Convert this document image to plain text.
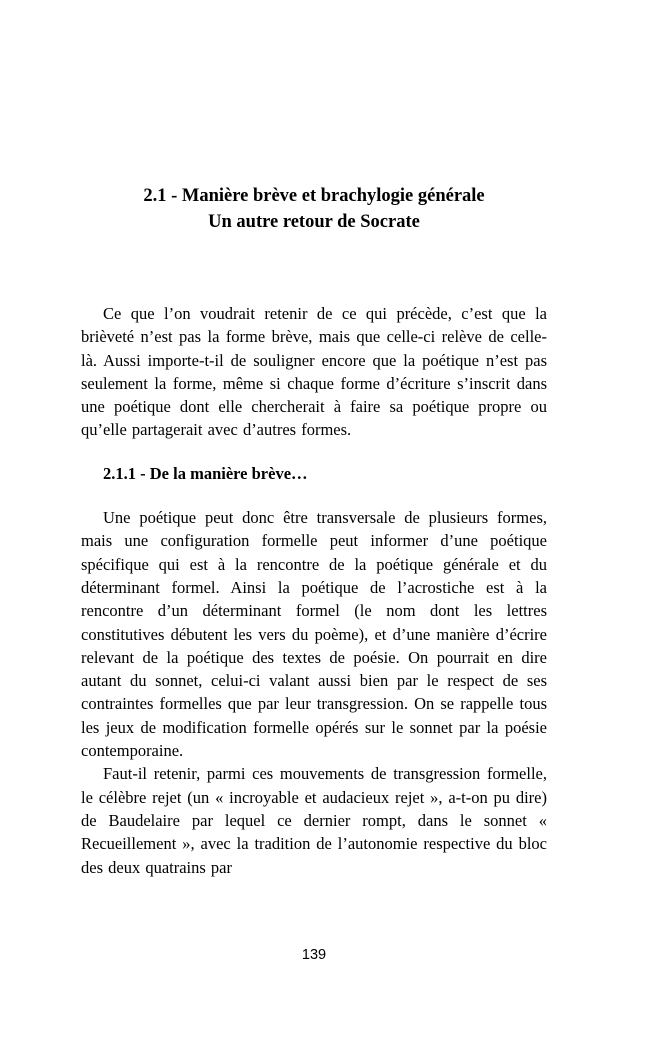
2.1 - Manière brève et brachylogie générale
Un autre retour de Socrate

Ce que l’on voudrait retenir de ce qui précède, c’est que la brièveté n’est pas la forme brève, mais que celle-ci relève de celle-là. Aussi importe-t-il de souligner encore que la poétique n’est pas seulement la forme, même si chaque forme d’écriture s’inscrit dans une poétique dont elle chercherait à faire sa poétique propre ou qu’elle partagerait avec d’autres formes.

2.1.1 - De la manière brève…

Une poétique peut donc être transversale de plusieurs formes, mais une configuration formelle peut informer d’une poétique spécifique qui est à la rencontre de la poétique générale et du déterminant formel. Ainsi la poétique de l’acrostiche est à la rencontre d’un déterminant formel (le nom dont les lettres constitutives débutent les vers du poème), et d’une manière d’écrire relevant de la poétique des textes de poésie. On pourrait en dire autant du sonnet, celui-ci valant aussi bien par le respect de ses contraintes formelles que par leur transgression. On se rappelle tous les jeux de modification formelle opérés sur le sonnet par la poésie contemporaine.

Faut-il retenir, parmi ces mouvements de transgression formelle, le célèbre rejet (un « incroyable et audacieux rejet », a-t-on pu dire) de Baudelaire par lequel ce dernier rompt, dans le sonnet « Recueillement », avec la tradition de l’autonomie respective du bloc des deux quatrains par

139
